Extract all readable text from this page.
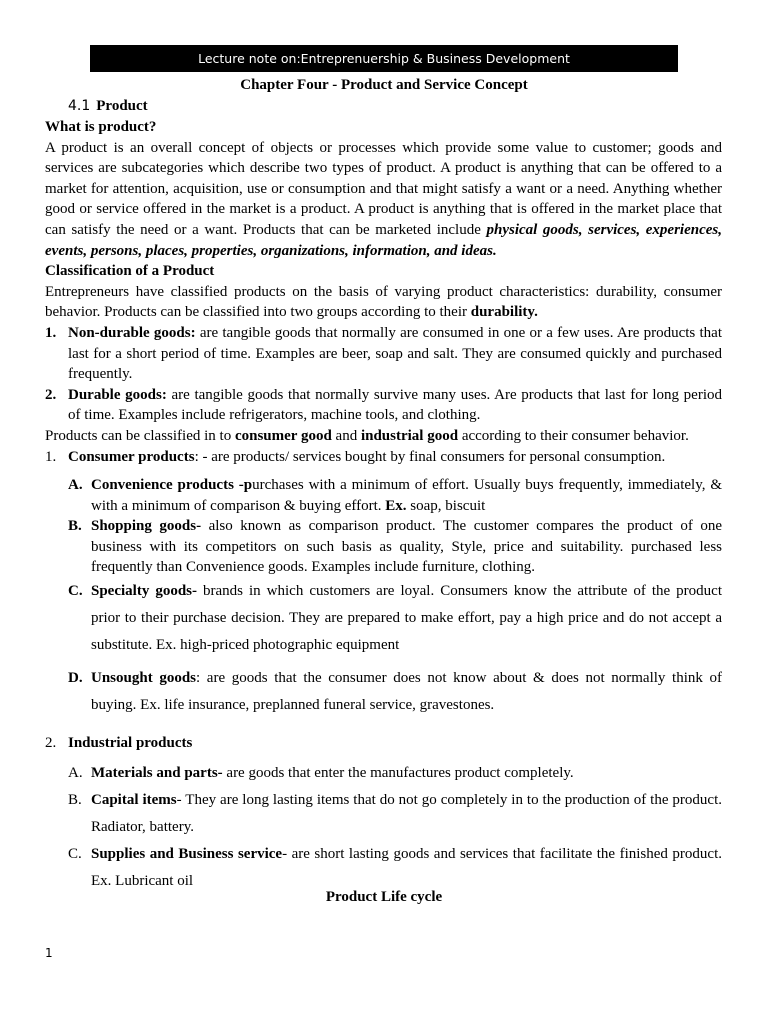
Lecture note on:Entreprenuership & Business Development
Chapter Four - Product and Service Concept
4.1 Product
What is product?

A product is an overall concept of objects or processes which provide some value to customer; goods and services are subcategories which describe two types of product. A product is anything that can be offered to a market for attention, acquisition, use or consumption and that might satisfy a want or a need. Anything whether good or service offered in the market is a product. A product is anything that is offered in the market place that can satisfy the need or a want. Products that can be marketed include physical goods, services, experiences, events, persons, places, properties, organizations, information, and ideas.

Classification of a Product

Entrepreneurs have classified products on the basis of varying product characteristics: durability, consumer behavior. Products can be classified into two groups according to their durability.

1. Non-durable goods: are tangible goods that normally are consumed in one or a few uses. Are products that last for a short period of time. Examples are beer, soap and salt. They are consumed quickly and purchased frequently.
2. Durable goods: are tangible goods that normally survive many uses. Are products that last for long period of time. Examples include refrigerators, machine tools, and clothing.

Products can be classified in to consumer good and industrial good according to their consumer behavior.

1. Consumer products: - are products/ services bought by final consumers for personal consumption.
A. Convenience products -purchases with a minimum of effort. Usually buys frequently, immediately, & with a minimum of comparison & buying effort. Ex. soap, biscuit
B. Shopping goods- also known as comparison product. The customer compares the product of one business with its competitors on such basis as quality, Style, price and suitability. purchased less frequently than Convenience goods. Examples include furniture, clothing.
C. Specialty goods- brands in which customers are loyal. Consumers know the attribute of the product prior to their purchase decision. They are prepared to make effort, pay a high price and do not accept a substitute. Ex. high-priced photographic equipment
D. Unsought goods: are goods that the consumer does not know about & does not normally think of buying. Ex. life insurance, preplanned funeral service, gravestones.
2. Industrial products
A. Materials and parts- are goods that enter the manufactures product completely.
B. Capital items- They are long lasting items that do not go completely in to the production of the product. Radiator, battery.
C. Supplies and Business service- are short lasting goods and services that facilitate the finished product. Ex. Lubricant oil
Product Life cycle
1
